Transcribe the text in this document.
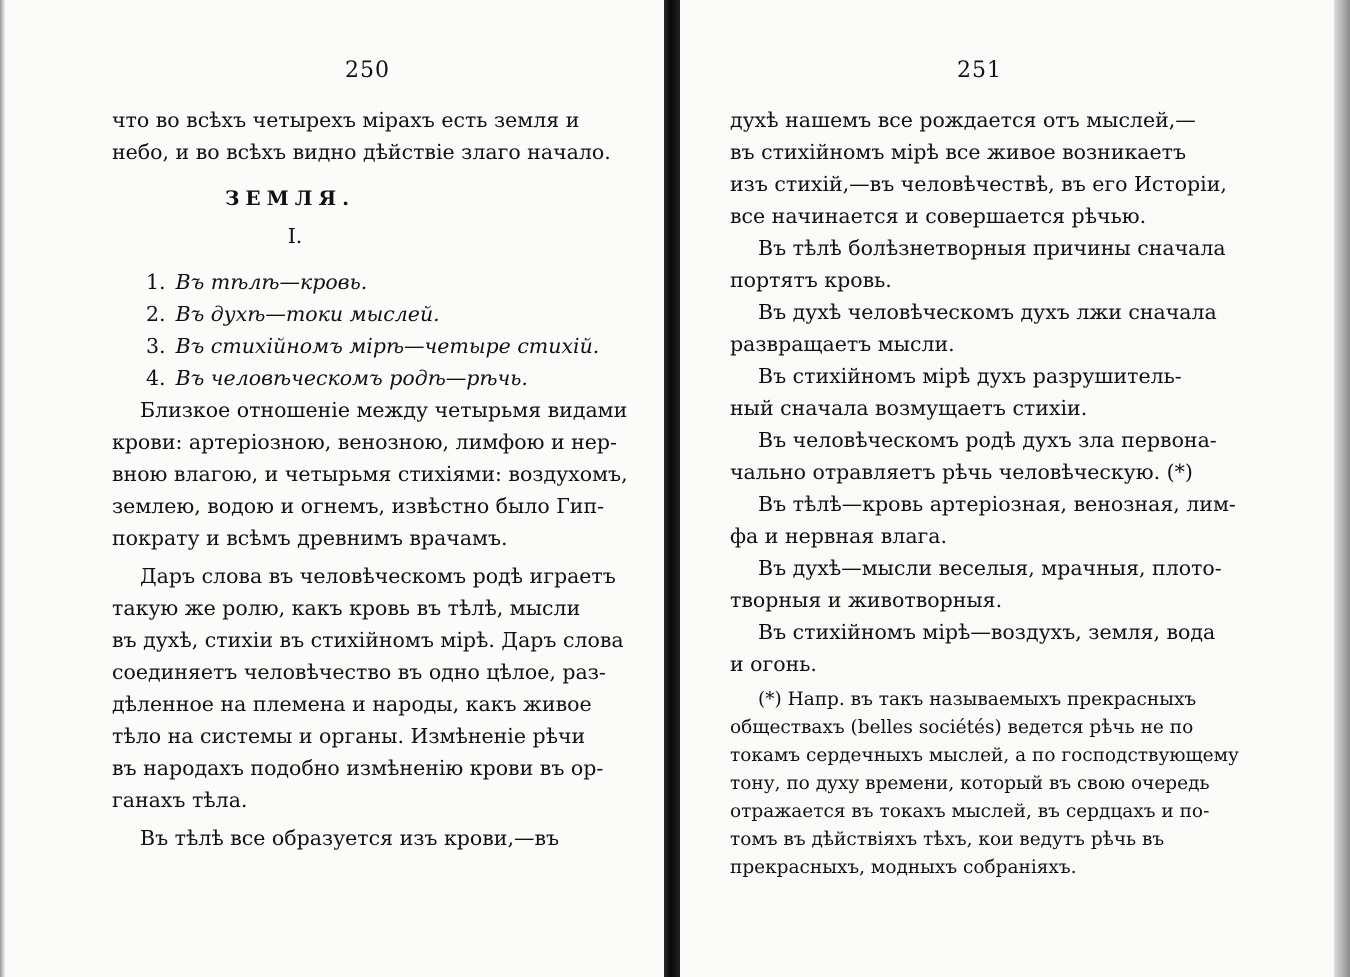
250
что во всѣхъ четырехъ мірахъ есть земля и
небо, и во всѣхъ видно дѣйствіе злаго начало.
ЗЕМЛЯ.
I.
1. Въ тѣлѣ—кровь.
2. Въ духѣ—токи мыслей.
3. Въ стихійномъ мірѣ—четыре стихій.
4. Въ человѣческомъ родѣ—рѣчь.
Близкое отношеніе между четырьмя видами
крови: артеріозною, венозною, лимфою и нер-
вною влагою, и четырьмя стихіями: воздухомъ,
землею, водою и огнемъ, извѣстно было Гип-
пократу и всѣмъ древнимъ врачамъ.
Даръ слова въ человѣческомъ родѣ играетъ
такую же ролю, какъ кровь въ тѣлѣ, мысли
въ духѣ, стихіи въ стихійномъ мірѣ. Даръ слова
соединяетъ человѣчество въ одно цѣлое, раз-
дѣленное на племена и народы, какъ живое
тѣло на системы и органы. Измѣненіе рѣчи
въ народахъ подобно измѣненію крови въ ор-
ганахъ тѣла.
Въ тѣлѣ все образуется изъ крови,—въ
251
духѣ нашемъ все рождается отъ мыслей,—
въ стихійномъ мірѣ все живое возникаетъ
изъ стихій,—въ человѣчествѣ, въ его Исторіи,
все начинается и совершается рѣчью.
Въ тѣлѣ болѣзнетворныя причины сначала
портятъ кровь.
Въ духѣ человѣческомъ духъ лжи сначала
развращаетъ мысли.
Въ стихійномъ мірѣ духъ разрушитель-
ный сначала возмущаетъ стихіи.
Въ человѣческомъ родѣ духъ зла первона-
чально отравляетъ рѣчь человѣческую. (*)
Въ тѣлѣ—кровь артеріозная, венозная, лим-
фа и нервная влага.
Въ духѣ—мысли веселыя, мрачныя, плото-
творныя и животворныя.
Въ стихійномъ мірѣ—воздухъ, земля, вода
и огонь.
(*) Напр. въ такъ называемыхъ прекрасныхъ
обществахъ (belles sociétés) ведется рѣчь не по
токамъ сердечныхъ мыслей, а по господствующему
тону, по духу времени, который въ свою очередь
отражается въ токахъ мыслей, въ сердцахъ и по-
томъ въ дѣйствіяхъ тѣхъ, кои ведутъ рѣчь въ
прекрасныхъ, модныхъ собраніяхъ.
